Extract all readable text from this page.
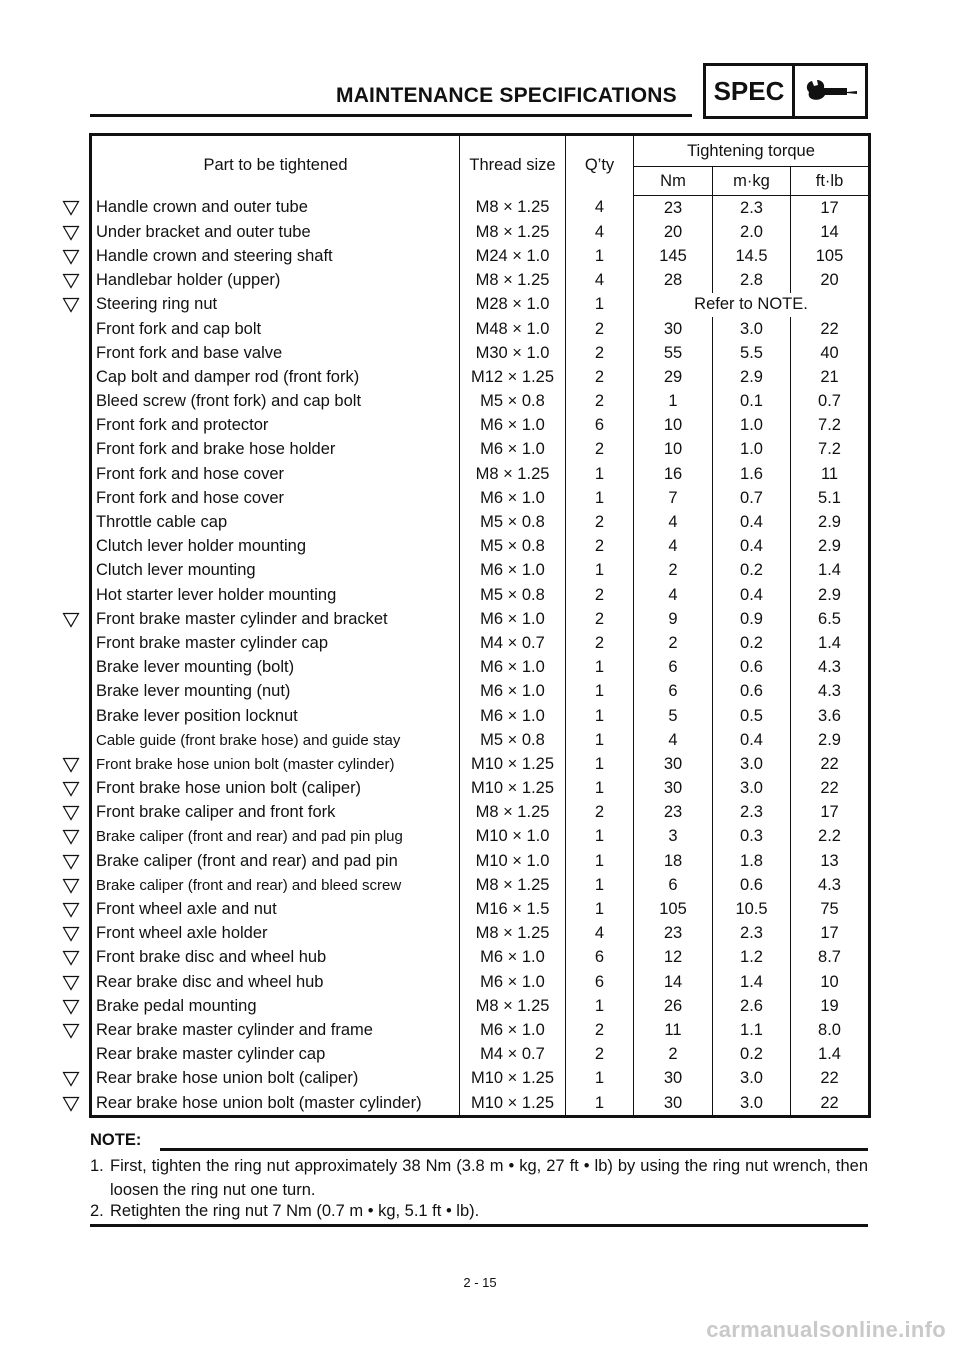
MAINTENANCE SPECIFICATIONS	SPEC
Part to be tightened	Thread size	Q’ty	Tightening torque		
			Nm	m·kg	ft·lb
Handle crown and outer tube	M8 × 1.25	4	23	2.3	17
Under bracket and outer tube	M8 × 1.25	4	20	2.0	14
Handle crown and steering shaft	M24 × 1.0	1	145	14.5	105
Handlebar holder (upper)	M8 × 1.25	4	28	2.8	20
Steering ring nut	M28 × 1.0	1	Refer to NOTE.		
Front fork and cap bolt	M48 × 1.0	2	30	3.0	22
Front fork and base valve	M30 × 1.0	2	55	5.5	40
Cap bolt and damper rod (front fork)	M12 × 1.25	2	29	2.9	21
Bleed screw (front fork) and cap bolt	M5 × 0.8	2	1	0.1	0.7
Front fork and protector	M6 × 1.0	6	10	1.0	7.2
Front fork and brake hose holder	M6 × 1.0	2	10	1.0	7.2
Front fork and hose cover	M8 × 1.25	1	16	1.6	11
Front fork and hose cover	M6 × 1.0	1	7	0.7	5.1
Throttle cable cap	M5 × 0.8	2	4	0.4	2.9
Clutch lever holder mounting	M5 × 0.8	2	4	0.4	2.9
Clutch lever mounting	M6 × 1.0	1	2	0.2	1.4
Hot starter lever holder mounting	M5 × 0.8	2	4	0.4	2.9
Front brake master cylinder and bracket	M6 × 1.0	2	9	0.9	6.5
Front brake master cylinder cap	M4 × 0.7	2	2	0.2	1.4
Brake lever mounting (bolt)	M6 × 1.0	1	6	0.6	4.3
Brake lever mounting (nut)	M6 × 1.0	1	6	0.6	4.3
Brake lever position locknut	M6 × 1.0	1	5	0.5	3.6
Cable guide (front brake hose) and guide stay	M5 × 0.8	1	4	0.4	2.9
Front brake hose union bolt (master cylinder)	M10 × 1.25	1	30	3.0	22
Front brake hose union bolt (caliper)	M10 × 1.25	1	30	3.0	22
Front brake caliper and front fork	M8 × 1.25	2	23	2.3	17
Brake caliper (front and rear) and pad pin plug	M10 × 1.0	1	3	0.3	2.2
Brake caliper (front and rear) and pad pin	M10 × 1.0	1	18	1.8	13
Brake caliper (front and rear) and bleed screw	M8 × 1.25	1	6	0.6	4.3
Front wheel axle and nut	M16 × 1.5	1	105	10.5	75
Front wheel axle holder	M8 × 1.25	4	23	2.3	17
Front brake disc and wheel hub	M6 × 1.0	6	12	1.2	8.7
Rear brake disc and wheel hub	M6 × 1.0	6	14	1.4	10
Brake pedal mounting	M8 × 1.25	1	26	2.6	19
Rear brake master cylinder and frame	M6 × 1.0	2	11	1.1	8.0
Rear brake master cylinder cap	M4 × 0.7	2	2	0.2	1.4
Rear brake hose union bolt (caliper)	M10 × 1.25	1	30	3.0	22
Rear brake hose union bolt (master cylinder)	M10 × 1.25	1	30	3.0	22
NOTE:
1. First, tighten the ring nut approximately 38 Nm (3.8 m • kg, 27 ft • lb) by using the ring nut wrench, then loosen the ring nut one turn.
2. Retighten the ring nut 7 Nm (0.7 m • kg, 5.1 ft • lb).
2 - 15
carmanualsonline.info
